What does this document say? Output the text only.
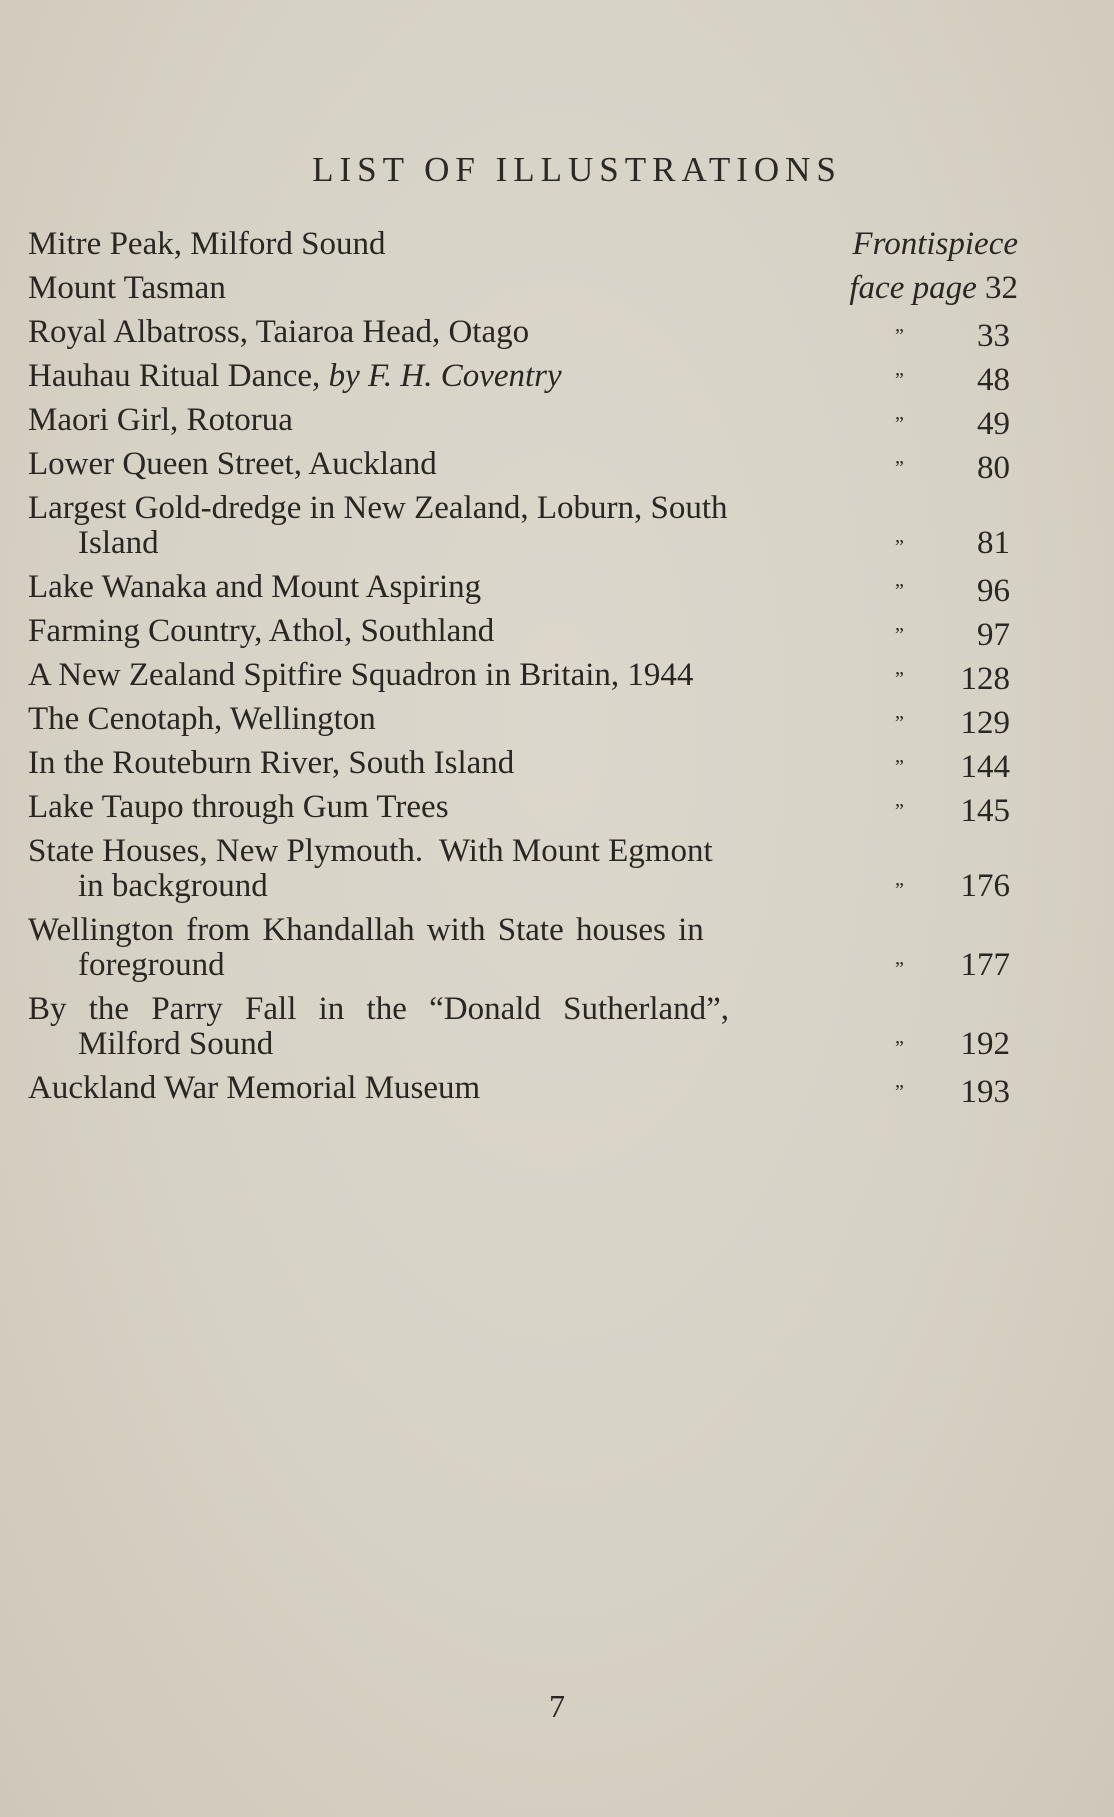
LIST OF ILLUSTRATIONS
Mitre Peak, Milford Sound	Frontispiece
Mount Tasman	face page 32
Royal Albatross, Taiaroa Head, Otago	”	33
Hauhau Ritual Dance, by F. H. Coventry	”	48
Maori Girl, Rotorua	”	49
Lower Queen Street, Auckland	”	80
Largest Gold-dredge in New Zealand, Loburn, South
Island	”	81
Lake Wanaka and Mount Aspiring	”	96
Farming Country, Athol, Southland	”	97
A New Zealand Spitfire Squadron in Britain, 1944	”	128
The Cenotaph, Wellington	”	129
In the Routeburn River, South Island	”	144
Lake Taupo through Gum Trees	”	145
State Houses, New Plymouth.  With Mount Egmont
in background	”	176
Wellington from Khandallah with State houses in
foreground	”	177
By the Parry Fall in the “Donald Sutherland”,
Milford Sound	”	192
Auckland War Memorial Museum	”	193
7
